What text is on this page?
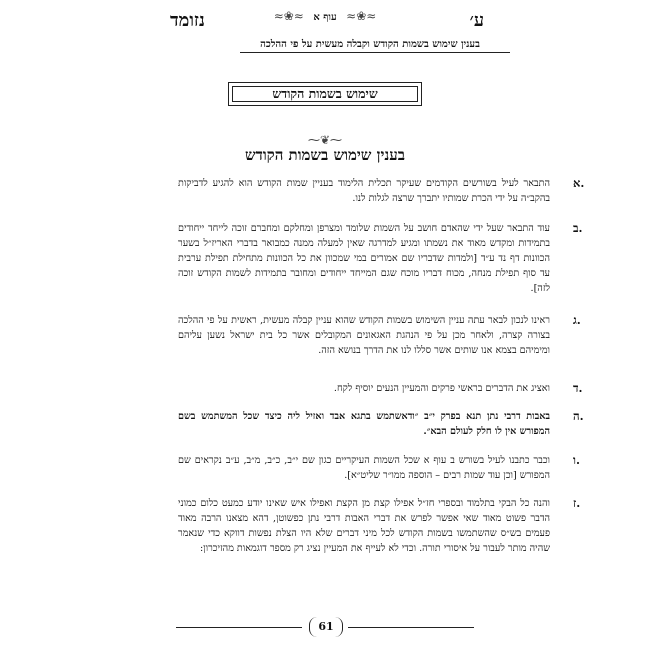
ע׳
נזומד	≈❀≈ עוף א ≈❀≈
בענין שימוש בשמות הקודש וקבלה מעשית על פי ההלכה
שימוש בשמות הקודש
⁓❦⁓
בענין שימוש בשמות הקודש
א.
התבאר לעיל בשורשים הקודמים שעיקר תכלית הלימוד בעניין שמות הקודש הוא להגיע לדביקות בהקב״ה על ידי הכרת שמותיו יתברך שרצה לגלות לנו.
ב.
עוד התבאר שעל ידי שהאדם חושב על השמות שלומד ומצרפן ומחלקם ומחברם זוכה לייחד ייחודים בתמידות ומקדש מאוד את נשמתו ומגיע למדרגה שאין למעלה ממנה כמבואר בדברי האריז״ל בשער הכוונות דף נד ע״ד [ולמדות שדבריו שם אמורים במי שמכוון את כל הכוונות מתחילת תפילת ערבית עד סוף תפילת מנחה, מכוח דבריו מוכח שגם המייחד ייחודים ומחובר בתמידות לשמות הקודש זוכה לזה].
ג.
ראינו לנכון לבאר עתה עניין השימוש בשמות הקודש שהוא עניין קבלה מעשית, ראשית על פי ההלכה בצורה קצרה, ולאחר מכן על פי הנהגת האגאונים המקובלים אשר כל בית ישראל נשען עליהם ומימיהם בצמא אנו שותים אשר סללו לנו את הדרך בנושא הזה.
ד.
ואציג את הדברים בראשי פרקים והמעיין הנעים יוסיף לקח.
ה.
באבות דרבי נתן תנא בפרק י״ב ״ודאשתמש בתגא אבד ואזיל ליה כיצד שכל המשתמש בשם המפורש אין לו חלק לעולם הבא״.
ו.
וכבר כתבנו לעיל בשורש ב עוף א שכל השמות העיקריים כגון שם י״ב, כ״ב, מ״ב, ע״ב נקראים שם המפורש [וכן עוד שמות רבים – הוספה ממו״ר שליט״א].
ז.
והנה כל הבקי בתלמוד ובספרי חז״ל אפילו קצת מן הקצת ואפילו איש שאינו יודע כמעט כלום כמוני הדבר פשוט מאוד שאי אפשר לפרש את דברי האבות דרבי נתן כפשוטן, דהא מצאנו הרבה מאוד פעמים בש״ס שהשתמשו בשמות הקודש לכל מיני דברים שלא היו הצלת נפשות דווקא כדי שנאמר שהיה מותר לעבור על איסורי תורה. וכדי לא לעייף את המעיין נציג רק מספר דוגמאות מהזיכרון:
61
